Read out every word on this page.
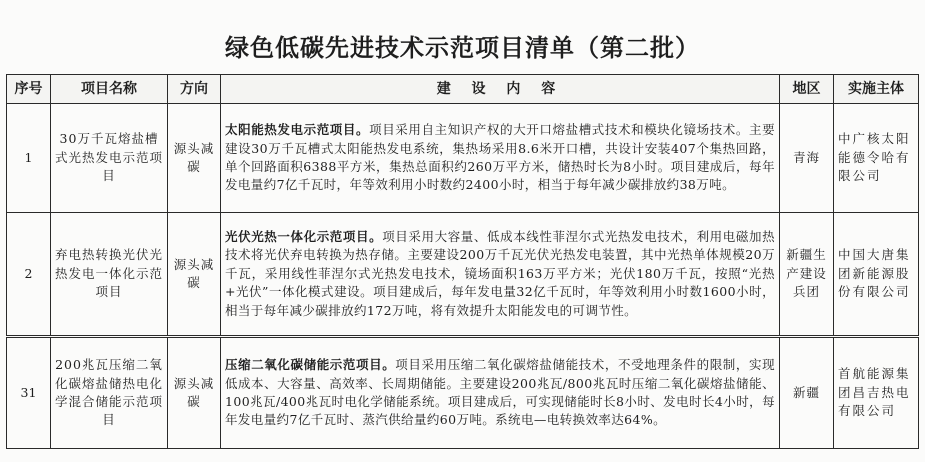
绿色低碳先进技术示范项目清单（第二批）
序号	项目名称	方向	建 设 内 容	地区	实施主体
1	30万千瓦熔盐槽式光热发电示范项目	源头减碳	太阳能热发电示范项目。项目采用自主知识产权的大开口熔盐槽式技术和模块化镜场技术。主要建设30万千瓦槽式太阳能热发电系统，集热场采用8.6米开口槽，共设计安装407个集热回路，单个回路面积6388平方米，集热总面积约260万平方米，储热时长为8小时。项目建成后，每年发电量约7亿千瓦时，年等效利用小时数约2400小时，相当于每年减少碳排放约38万吨。	青海	中广核太阳能德令哈有限公司
2	弃电热转换光伏光热发电一体化示范项目	源头减碳	光伏光热一体化示范项目。项目采用大容量、低成本线性菲涅尔式光热发电技术，利用电磁加热技术将光伏弃电转换为热存储。主要建设200万千瓦光伏光热发电装置，其中光热单体规模20万千瓦，采用线性菲涅尔式光热发电技术，镜场面积163万平方米；光伏180万千瓦，按照“光热+光伏”一体化模式建设。项目建成后，每年发电量32亿千瓦时，年等效利用小时数1600小时，相当于每年减少碳排放约172万吨，将有效提升太阳能发电的可调节性。	新疆生产建设兵团	中国大唐集团新能源股份有限公司
31	200兆瓦压缩二氧化碳熔盐储热电化学混合储能示范项目	源头减碳	压缩二氧化碳储能示范项目。项目采用压缩二氧化碳熔盐储能技术，不受地理条件的限制，实现低成本、大容量、高效率、长周期储能。主要建设200兆瓦/800兆瓦时压缩二氧化碳熔盐储能、100兆瓦/400兆瓦时电化学储能系统。项目建成后，可实现储能时长8小时、发电时长4小时，每年发电量约7亿千瓦时、蒸汽供给量约60万吨。系统电—电转换效率达64%。	新疆	首航能源集团昌吉热电有限公司
